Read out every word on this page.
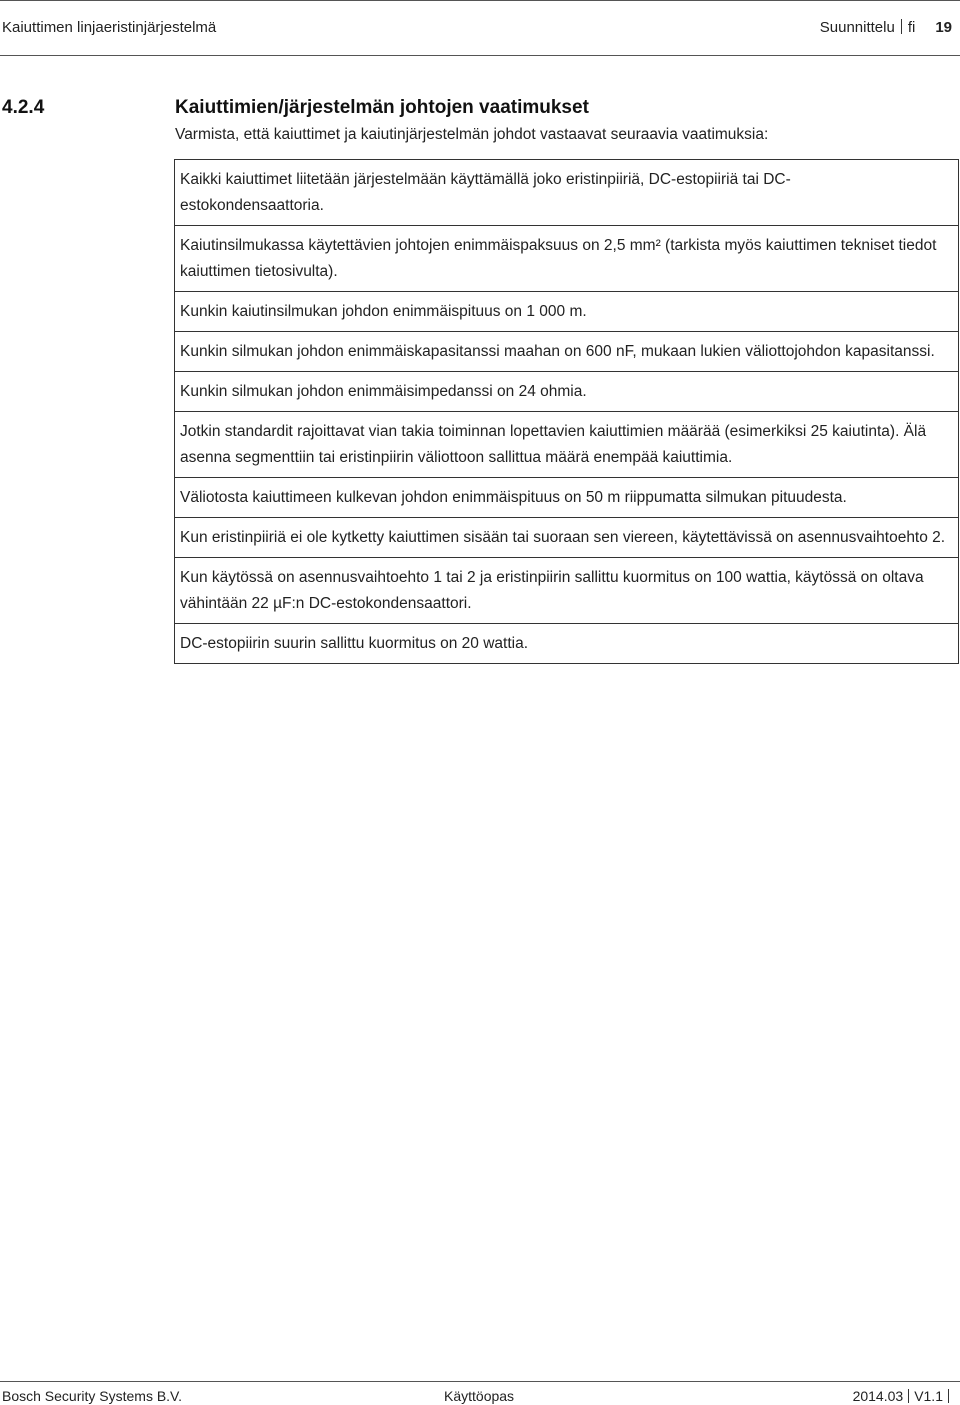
Kaiuttimen linjaeristinjärjestelmä	Suunnittelu fi 19
4.2.4	Kaiuttimien/järjestelmän johtojen vaatimukset
Varmista, että kaiuttimet ja kaiutinjärjestelmän johdot vastaavat seuraavia vaatimuksia:
Kaikki kaiuttimet liitetään järjestelmään käyttämällä joko eristinpiiriä, DC-estopiiriä tai DC-
estokondensaattoria.
Kaiutinsilmukassa käytettävien johtojen enimmäispaksuus on 2,5 mm² (tarkista myös kaiuttimen tekniset tiedot kaiuttimen tietosivulta).
Kunkin kaiutinsilmukan johdon enimmäispituus on 1 000 m.
Kunkin silmukan johdon enimmäiskapasitanssi maahan on 600 nF, mukaan lukien väliottojohdon kapasitanssi.
Kunkin silmukan johdon enimmäisimpedanssi on 24 ohmia.
Jotkin standardit rajoittavat vian takia toiminnan lopettavien kaiuttimien määrää (esimerkiksi 25 kaiutinta). Älä asenna segmenttiin tai eristinpiirin väliottoon sallittua määrä enempää kaiuttimia.
Väliotosta kaiuttimeen kulkevan johdon enimmäispituus on 50 m riippumatta silmukan pituudesta.
Kun eristinpiiriä ei ole kytketty kaiuttimen sisään tai suoraan sen viereen, käytettävissä on asennusvaihtoehto 2.
Kun käytössä on asennusvaihtoehto 1 tai 2 ja eristinpiirin sallittu kuormitus on 100 wattia, käytössä on oltava vähintään 22 µF:n DC-estokondensaattori.
DC-estopiirin suurin sallittu kuormitus on 20 wattia.
Bosch Security Systems B.V.	Käyttöopas	2014.03 V1.1
